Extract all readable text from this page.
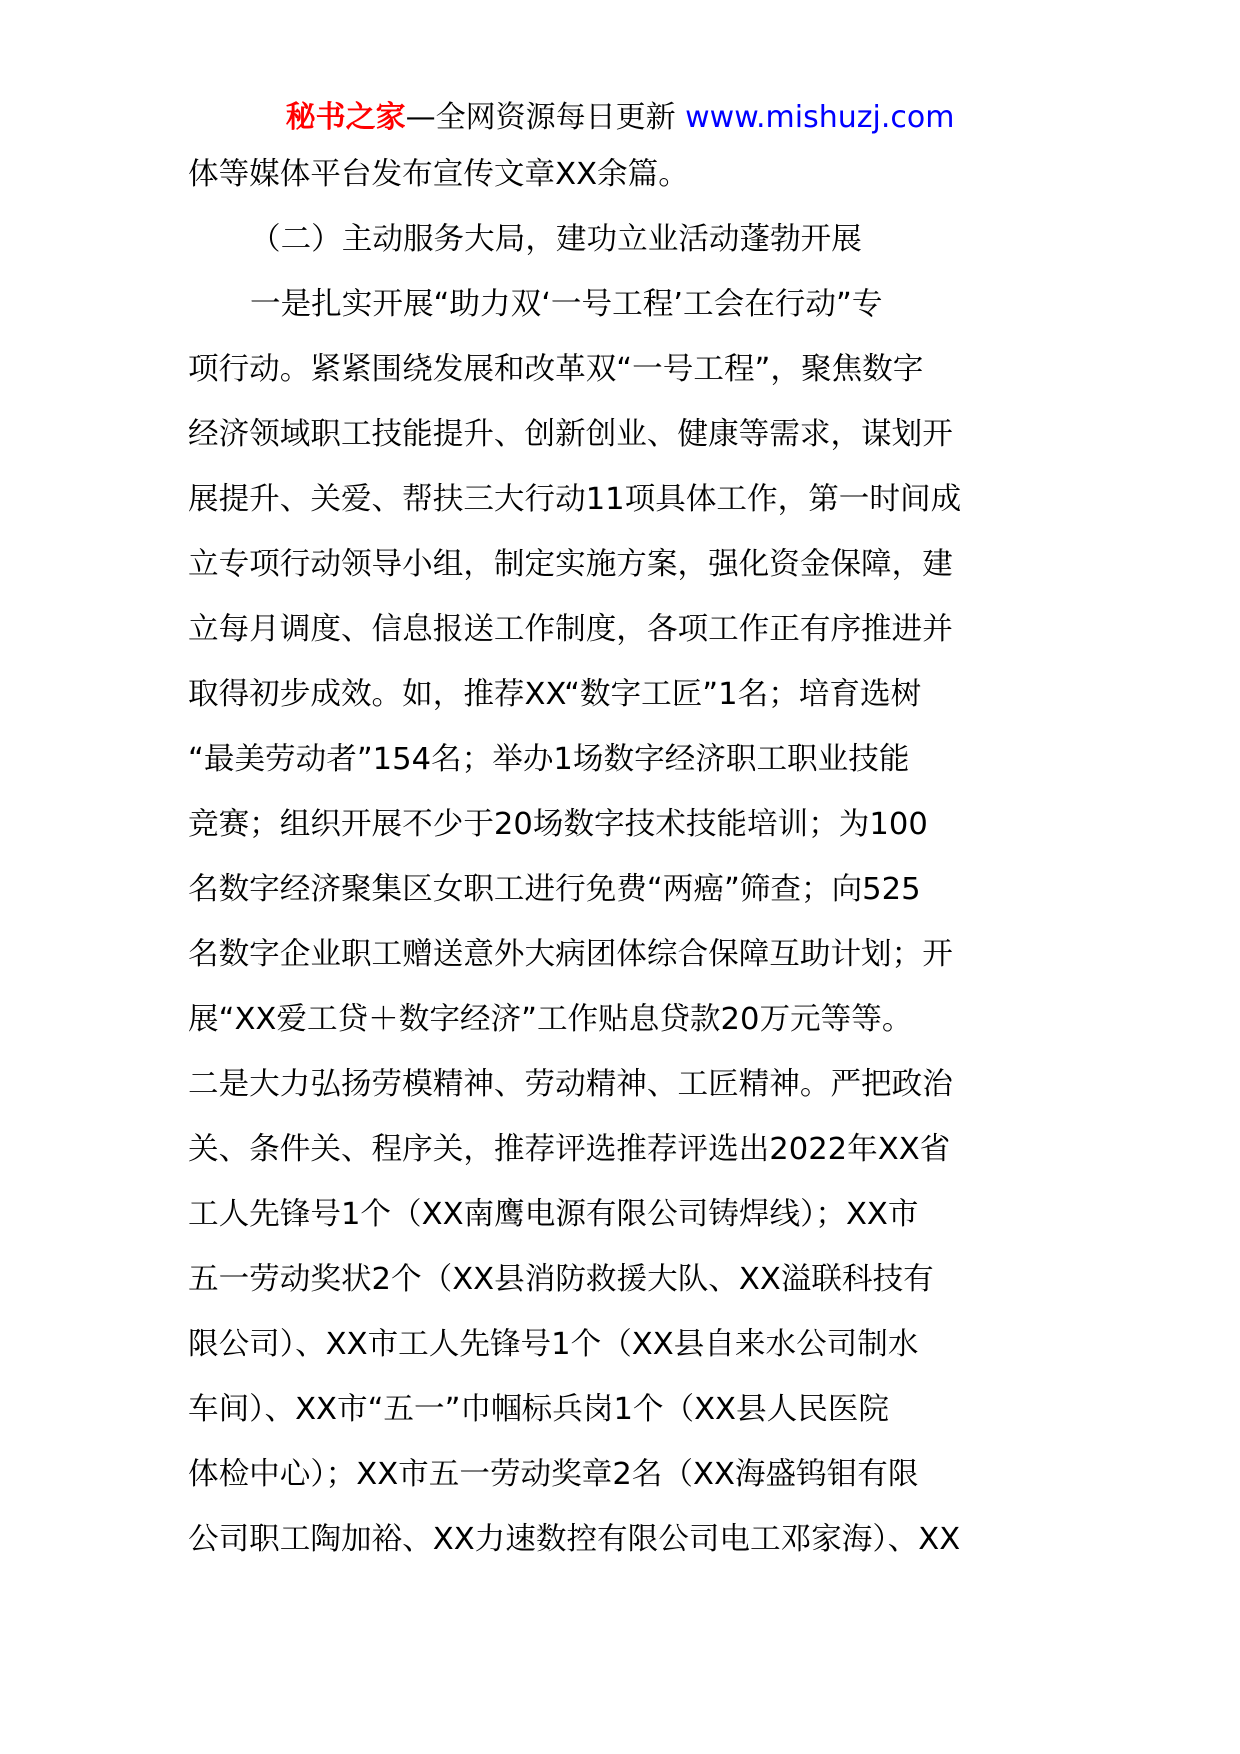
秘书之家—全网资源每日更新 www.mishuzj.com
体等媒体平台发布宣传文章XX余篇。
（二）主动服务大局，建功立业活动蓬勃开展
一是扎实开展“助力双‘一号工程’工会在行动”专
项行动。紧紧围绕发展和改革双“一号工程”，聚焦数字
经济领域职工技能提升、创新创业、健康等需求，谋划开
展提升、关爱、帮扶三大行动11项具体工作，第一时间成
立专项行动领导小组，制定实施方案，强化资金保障，建
立每月调度、信息报送工作制度，各项工作正有序推进并
取得初步成效。如，推荐XX“数字工匠”1名；培育选树
“最美劳动者”154名；举办1场数字经济职工职业技能
竞赛；组织开展不少于20场数字技术技能培训；为100
名数字经济聚集区女职工进行免费“两癌”筛查；向525
名数字企业职工赠送意外大病团体综合保障互助计划；开
展“XX爱工贷＋数字经济”工作贴息贷款20万元等等。
二是大力弘扬劳模精神、劳动精神、工匠精神。严把政治
关、条件关、程序关，推荐评选推荐评选出2022年XX省
工人先锋号1个（XX南鹰电源有限公司铸焊线）；XX市
五一劳动奖状2个（XX县消防救援大队、XX溢联科技有
限公司）、XX市工人先锋号1个（XX县自来水公司制水
车间）、XX市“五一”巾帼标兵岗1个（XX县人民医院
体检中心）；XX市五一劳动奖章2名（XX海盛钨钼有限
公司职工陶加裕、XX力速数控有限公司电工邓家海）、XX
